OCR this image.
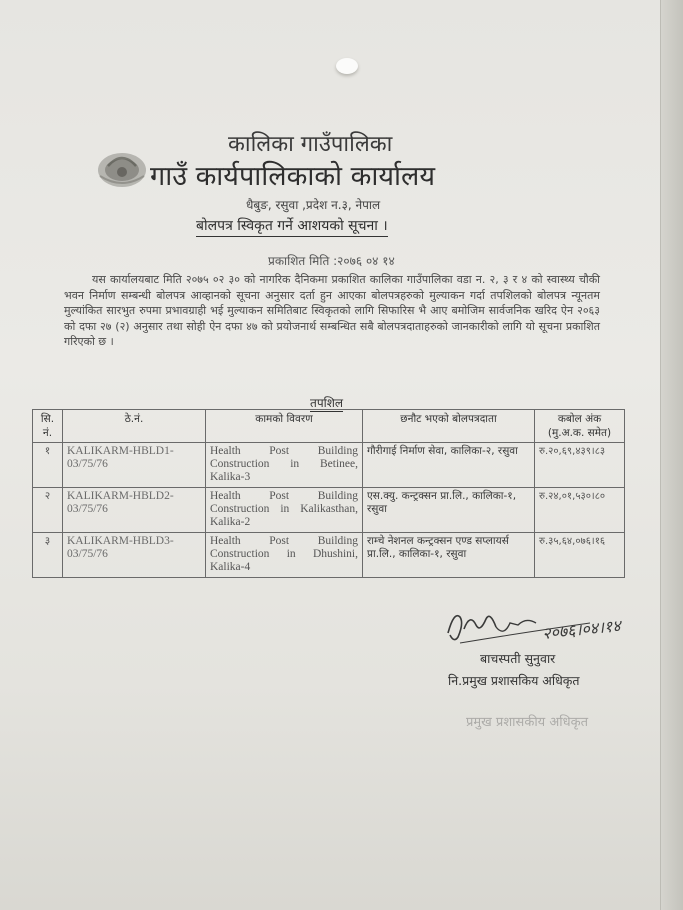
कालिका गाउँपालिका
गाउँ कार्यपालिकाको कार्यालय
धैबुङ, रसुवा ,प्रदेश न.३, नेपाल
बोलपत्र स्विकृत गर्ने आशयको सूचना ।
प्रकाशित मिति :२०७६ ०४ १४
यस कार्यालयबाट मिति २०७५ ०२ ३० को नागरिक दैनिकमा प्रकाशित कालिका गाउँपालिका वडा न. २, ३ र ४ को स्वास्थ्य चौकी भवन निर्माण सम्बन्धी बोलपत्र आव्हानको सूचना अनुसार दर्ता हुन आएका बोलपत्रहरुको मुल्याकन गर्दा तपशिलको बोलपत्र न्यूनतम मुल्यांकित सारभुत रुपमा प्रभावग्राही भई मुल्याकन समितिबाट स्विकृतको लागि सिफारिस भै आए बमोजिम सार्वजनिक खरिद ऐन २०६३ को दफा २७ (२) अनुसार तथा सोही ऐन दफा ४७ को प्रयोजनार्थ सम्बन्धित सबै बोलपत्रदाताहरुको जानकारीको लागि यो सूचना प्रकाशित गरिएको छ ।
तपशिल
सि. नं.	ठे.नं.	कामको विवरण	छनौट भएको बोलपत्रदाता	कबोल अंक (मु.अ.क. समेत)
१	KALIKARM-HBLD1-03/75/76	Health Post Building Construction in Betinee, Kalika-3	गौरीगाई निर्माण सेवा, कालिका-२, रसुवा	रु.२०,६९,४३९।८३
२	KALIKARM-HBLD2-03/75/76	Health Post Building Construction in Kalikasthan, Kalika-2	एस.क्यु. कन्ट्रक्सन प्रा.लि., कालिका-१, रसुवा	रु.२४,०१,५३०।८०
३	KALIKARM-HBLD3-03/75/76	Health Post Building Construction in Dhushini, Kalika-4	राम्चे नेशनल कन्ट्रक्सन एण्ड सप्लायर्स प्रा.लि., कालिका-१, रसुवा	रु.३५,६४,०७६।१६
२०७६।०४।१४
बाचस्पती सुनुवार
नि.प्रमुख प्रशासकिय अधिकृत
प्रमुख प्रशासकीय अधिकृत
